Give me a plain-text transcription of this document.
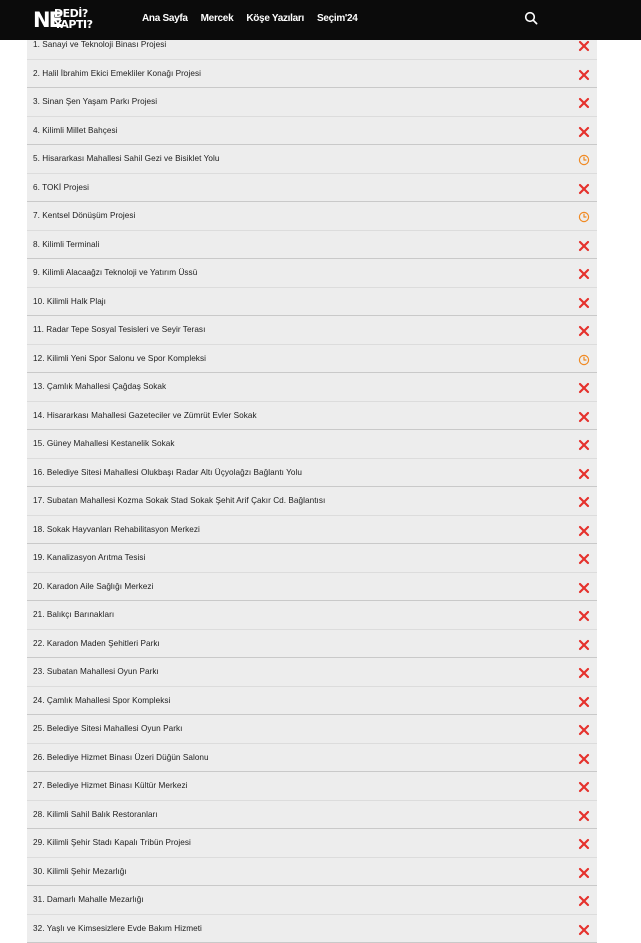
NE
DEDİ?
YAPTI?	Ana Sayfa Mercek Köşe Yazıları Seçim'24
1. Sanayi ve Teknoloji Binası Projesi
2. Halil İbrahim Ekici Emekliler Konağı Projesi
3. Sinan Şen Yaşam Parkı Projesi
4. Kilimli Millet Bahçesi
5. Hisararkası Mahallesi Sahil Gezi ve Bisiklet Yolu
6. TOKİ Projesi
7. Kentsel Dönüşüm Projesi
8. Kilimli Terminali
9. Kilimli Alacaağzı Teknoloji ve Yatırım Üssü
10. Kilimli Halk Plajı
11. Radar Tepe Sosyal Tesisleri ve Seyir Terası
12. Kilimli Yeni Spor Salonu ve Spor Kompleksi
13. Çamlık Mahallesi Çağdaş Sokak
14. Hisararkası Mahallesi Gazeteciler ve Zümrüt Evler Sokak
15. Güney Mahallesi Kestanelik Sokak
16. Belediye Sitesi Mahallesi Olukbaşı Radar Altı Üçyolağzı Bağlantı Yolu
17. Subatan Mahallesi Kozma Sokak Stad Sokak Şehit Arif Çakır Cd. Bağlantısı
18. Sokak Hayvanları Rehabilitasyon Merkezi
19. Kanalizasyon Arıtma Tesisi
20. Karadon Aile Sağlığı Merkezi
21. Balıkçı Barınakları
22. Karadon Maden Şehitleri Parkı
23. Subatan Mahallesi Oyun Parkı
24. Çamlık Mahallesi Spor Kompleksi
25. Belediye Sitesi Mahallesi Oyun Parkı
26. Belediye Hizmet Binası Üzeri Düğün Salonu
27. Belediye Hizmet Binası Kültür Merkezi
28. Kilimli Sahil Balık Restoranları
29. Kilimli Şehir Stadı Kapalı Tribün Projesi
30. Kilimli Şehir Mezarlığı
31. Damarlı Mahalle Mezarlığı
32. Yaşlı ve Kimsesizlere Evde Bakım Hizmeti
